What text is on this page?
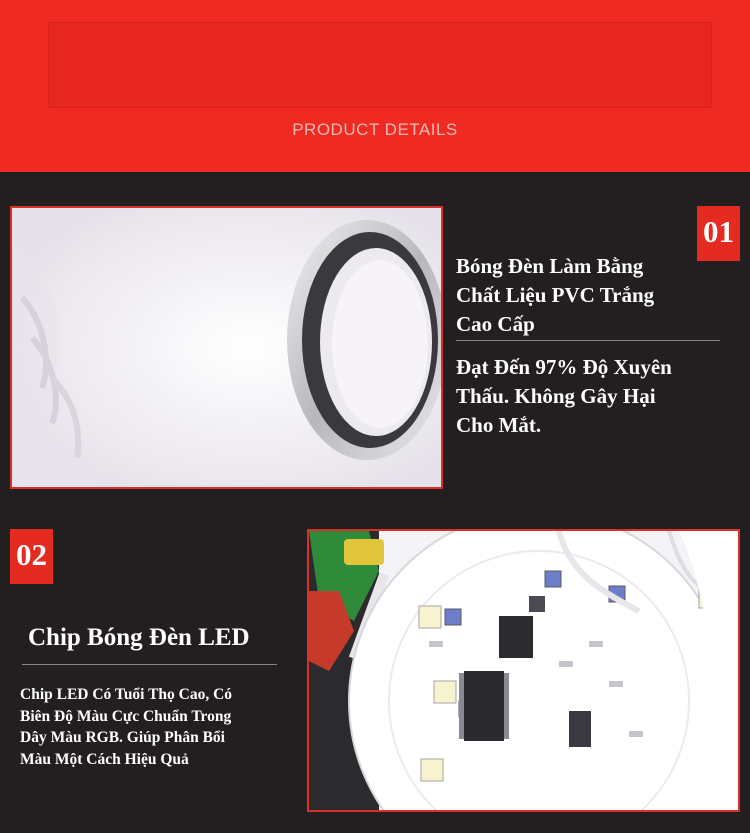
PRODUCT DETAILS
01
Bóng Đèn Làm Bằng
Chất Liệu PVC Trắng
Cao Cấp
Đạt Đến 97% Độ Xuyên
Thấu. Không Gây Hại
Cho Mắt.
02
Chip Bóng Đèn LED
Chip LED Có Tuổi Thọ Cao, Có
Biên Độ Màu Cực Chuẩn Trong
Dây Màu RGB. Giúp Phân Bổi
Màu Một Cách Hiệu Quả
